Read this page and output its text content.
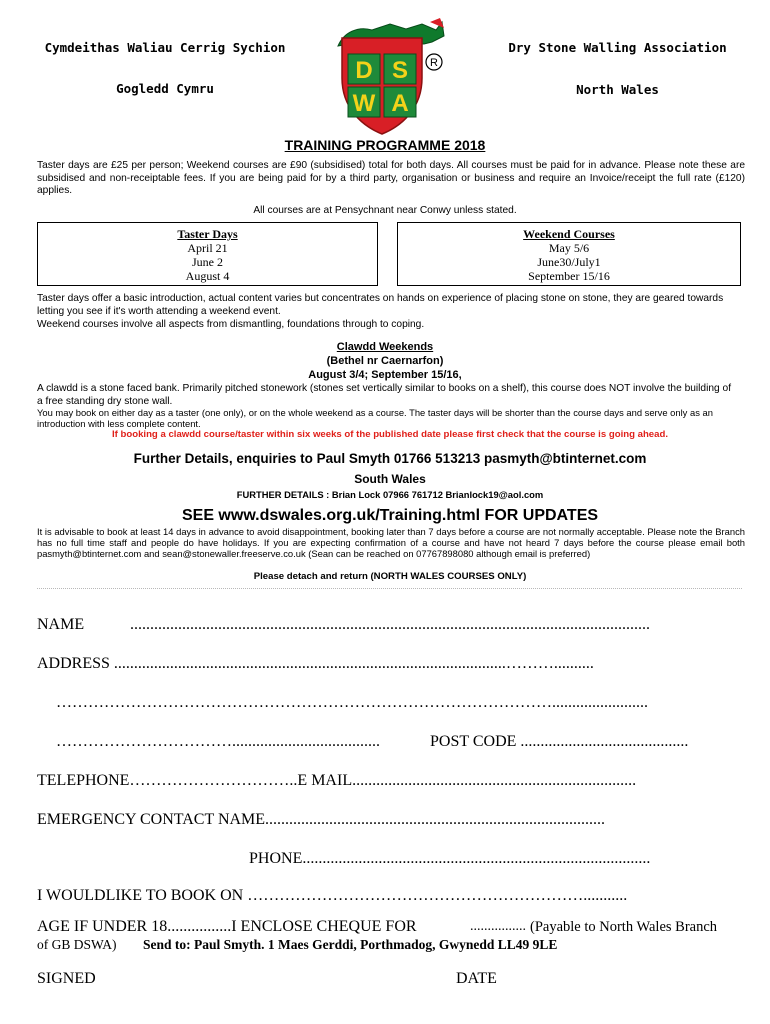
Cymdeithas Waliau Cerrig Sychion
Gogledd Cymru
Dry Stone Walling Association
North Wales
D S
W A
R
TRAINING PROGRAMME 2018
Taster days are £25 per person; Weekend courses are £90 (subsidised) total for both days. All courses must be paid for in advance. Please note these are subsidised and non-receiptable fees. If you are being paid for by a third party, organisation or business and require an Invoice/receipt the full rate (£120) applies.
All courses are at Pensychnant near Conwy unless stated.
Taster Days
April 21
June 2
August 4
Weekend Courses
May 5/6
June30/July1
September 15/16
Taster days offer a basic introduction, actual content varies but concentrates on hands on experience of placing stone on stone, they are geared towards letting you see if it's worth attending a weekend event.
Weekend courses involve all aspects from dismantling, foundations through to coping.
Clawdd Weekends
(Bethel nr Caernarfon)
August 3/4; September 15/16,
A clawdd is a stone faced bank. Primarily pitched stonework (stones set vertically similar to books on a shelf), this course does NOT involve the building of a free standing dry stone wall.
You may book on either day as a taster (one only), or on the whole weekend as a course. The taster days will be shorter than the course days and serve only as an introduction with less complete content.
If booking a clawdd course/taster within six weeks of the published date please first check that the course is going ahead.
Further Details, enquiries to Paul Smyth 01766 513213 pasmyth@btinternet.com
South Wales
FURTHER DETAILS : Brian Lock 07966 761712 Brianlock19@aol.com
SEE www.dswales.org.uk/Training.html FOR UPDATES
It is advisable to book at least 14 days in advance to avoid disappointment, booking later than 7 days before a course are not normally acceptable. Please note the Branch has no full time staff and people do have holidays. If you are expecting confirmation of a course and have not heard 7 days before the course please email both pasmyth@btinternet.com and sean@stonewaller.freeserve.co.uk (Sean can be reached on 07767898080 although email is preferred)
Please detach and return (NORTH WALES COURSES ONLY)
NAME	..................................................................................................................................
ADDRESS ..................................................................................................………..........
…………………………………………………………………………………........................
…………………………….....................................	POST CODE ..........................................
TELEPHONE…………………………..E MAIL.......................................................................
EMERGENCY CONTACT NAME.....................................................................................
PHONE.......................................................................................
I WOULDLIKE TO BOOK ON ………………………………………………………...........
AGE IF UNDER 18................I ENCLOSE CHEQUE FOR	................ (Payable to North Wales Branch
of GB DSWA) Send to: Paul Smyth. 1 Maes Gerddi, Porthmadog, Gwynedd LL49 9LE
SIGNED	DATE
